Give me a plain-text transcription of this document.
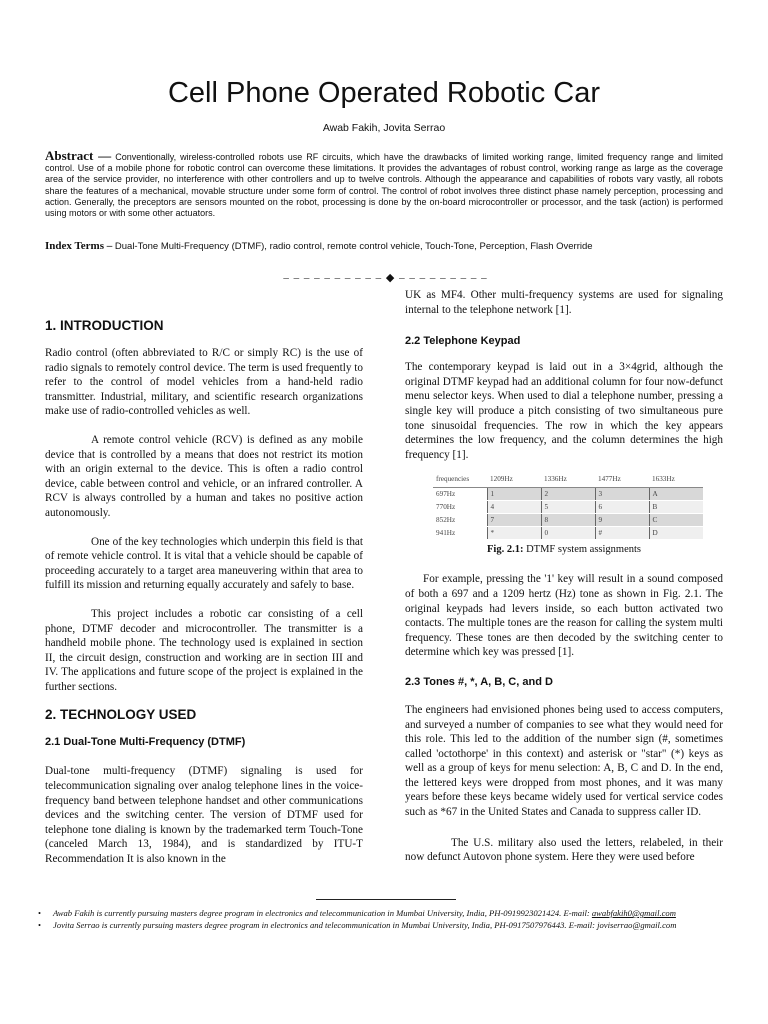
Cell Phone Operated Robotic Car
Awab Fakih, Jovita Serrao

Abstract — Conventionally, wireless-controlled robots use RF circuits, which have the drawbacks of limited working range, limited frequency range and limited control. Use of a mobile phone for robotic control can overcome these limitations. It provides the advantages of robust control, working range as large as the coverage area of the service provider, no interference with other controllers and up to twelve controls. Although the appearance and capabilities of robots vary vastly, all robots share the features of a mechanical, movable structure under some form of control. The control of robot involves three distinct phase namely perception, processing and action. Generally, the preceptors are sensors mounted on the robot, processing is done by the on-board microcontroller or processor, and the task (action) is performed using motors or with some other actuators.

Index Terms – Dual-Tone Multi-Frequency (DTMF), radio control, remote control vehicle, Touch-Tone, Perception, Flash Override

– – – – – – – – – – ◆ – – – – – – – – –
1. INTRODUCTION

Radio control (often abbreviated to R/C or simply RC) is the use of radio signals to remotely control device. The term is used frequently to refer to the control of model vehicles from a hand-held radio transmitter. Industrial, military, and scientific research organizations make use of radio-controlled vehicles as well.

A remote control vehicle (RCV) is defined as any mobile device that is controlled by a means that does not restrict its motion with an origin external to the device. This is often a radio control device, cable between control and vehicle, or an infrared controller. A RCV is always controlled by a human and takes no positive action autonomously.

One of the key technologies which underpin this field is that of remote vehicle control. It is vital that a vehicle should be capable of proceeding accurately to a target area maneuvering within that area to fulfill its mission and returning equally accurately and safely to base.

This project includes a robotic car consisting of a cell phone, DTMF decoder and microcontroller. The transmitter is a handheld mobile phone. The technology used is explained in section II, the circuit design, construction and working are in section III and IV. The applications and future scope of the project is explained in the further sections.

2. TECHNOLOGY USED
2.1 Dual-Tone Multi-Frequency (DTMF)

Dual-tone multi-frequency (DTMF) signaling is used for telecommunication signaling over analog telephone lines in the voice-frequency band between telephone handset and other communications devices and the switching center. The version of DTMF used for telephone tone dialing is known by the trademarked term Touch-Tone (canceled March 13, 1984), and is standardized by ITU-T Recommendation It is also known in the

UK as MF4. Other multi-frequency systems are used for signaling internal to the telephone network [1].

2.2 Telephone Keypad

The contemporary keypad is laid out in a 3×4grid, although the original DTMF keypad had an additional column for four now-defunct menu selector keys. When used to dial a telephone number, pressing a single key will produce a pitch consisting of two simultaneous pure tone sinusoidal frequencies. The row in which the key appears determines the low frequency, and the column determines the high frequency [1].

frequencies	1209Hz	1336Hz	1477Hz	1633Hz
697Hz	1	2	3	A
770Hz	4	5	6	B
852Hz	7	8	9	C
941Hz	*	0	#	D

Fig. 2.1: DTMF system assignments

For example, pressing the '1' key will result in a sound composed of both a 697 and a 1209 hertz (Hz) tone as shown in Fig. 2.1. The original keypads had levers inside, so each button activated two contacts. The multiple tones are the reason for calling the system multi frequency. These tones are then decoded by the switching center to determine which key was pressed [1].

2.3 Tones #, *, A, B, C, and D

The engineers had envisioned phones being used to access computers, and surveyed a number of companies to see what they would need for this role. This led to the addition of the number sign (#, sometimes called 'octothorpe' in this context) and asterisk or "star" (*) keys as well as a group of keys for menu selection: A, B, C and D. In the end, the lettered keys were dropped from most phones, and it was many years before these keys became widely used for vertical service codes such as *67 in the United States and Canada to suppress caller ID.

The U.S. military also used the letters, relabeled, in their now defunct Autovon phone system. Here they were used before

• Awab Fakih is currently pursuing masters degree program in electronics and telecommunication in Mumbai University, India, PH-0919923021424. E-mail: awabfakih0@gmail.com
• Jovita Serrao is currently pursuing masters degree program in electronics and telecommunication in Mumbai University, India, PH-0917507976443. E-mail: joviserrao@gmail.com
